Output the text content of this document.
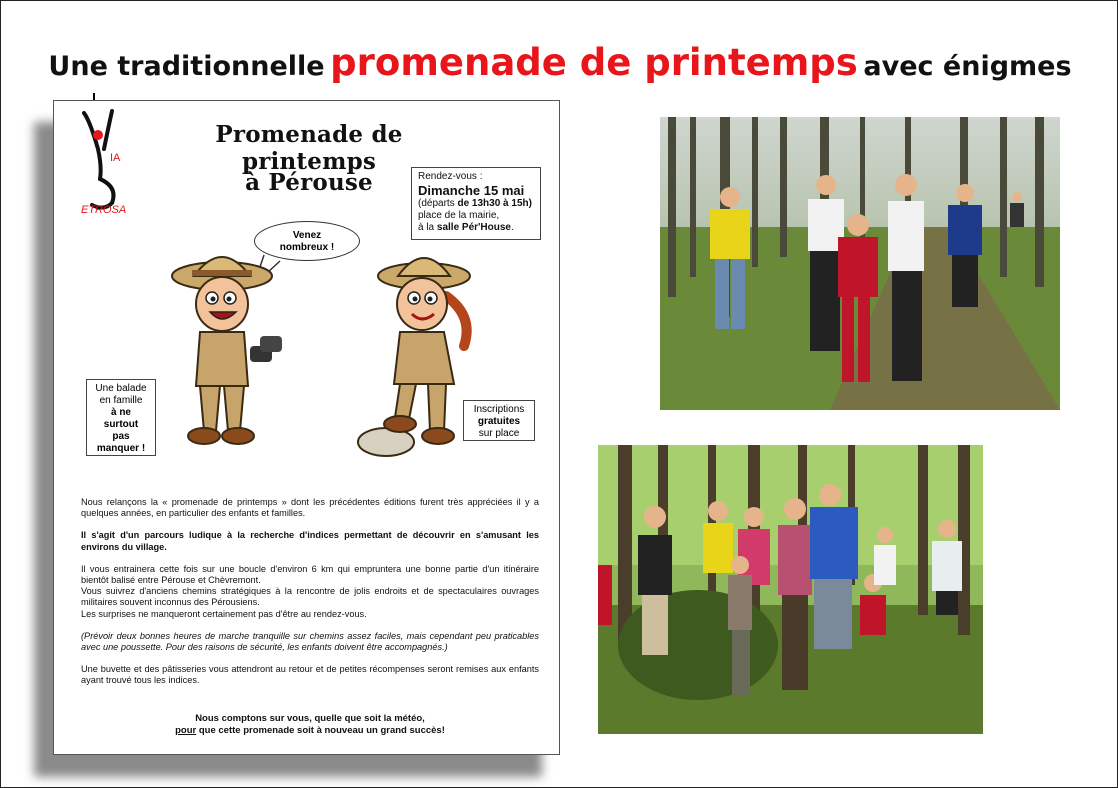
Une traditionnelle promenade de printemps avec énigmes
IA
ETROSA
Promenade de printemps
à Pérouse	Rendez-vous :
Dimanche 15 mai
(départs de 13h30 à 15h)
place de la mairie,
à la salle Pér'House.
Venez
nombreux !
Une balade
en famille
à ne
surtout
pas
manquer !
Inscriptions
gratuites
sur place

Nous relançons la « promenade de printemps » dont les précédentes éditions furent très appréciées il y a quelques années, en particulier des enfants et familles.

Il s'agit d'un parcours ludique à la recherche d'indices permettant de découvrir en s'amusant les environs du village.

Il vous entrainera cette fois sur une boucle d'environ 6 km qui empruntera une bonne partie d'un itinéraire bientôt balisé entre Pérouse et Chèvremont.
Vous suivrez d'anciens chemins stratégiques à la rencontre de jolis endroits et de spectaculaires ouvrages militaires souvent inconnus des Pérousiens.
Les surprises ne manqueront certainement pas d'être au rendez-vous.

(Prévoir deux bonnes heures de marche tranquille sur chemins assez faciles, mais cependant peu praticables avec une poussette. Pour des raisons de sécurité, les enfants doivent être accompagnés.)

Une buvette et des pâtisseries vous attendront au retour et de petites récompenses seront remises aux enfants ayant trouvé tous les indices.

Nous comptons sur vous, quelle que soit la météo,
pour que cette promenade soit à nouveau un grand succès!
